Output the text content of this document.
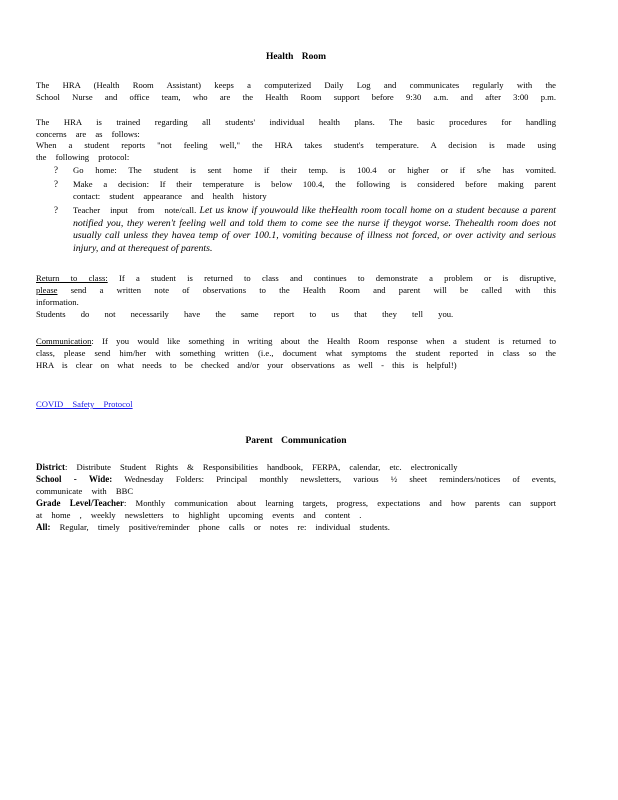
Health Room
The HRA (Health Room Assistant) keeps a computerized Daily Log and communicates regularly with the
School Nurse and office team, who are the Health Room support before 9:30 a.m. and after 3:00 p.m.
The HRA is trained regarding all students' individual health plans. The basic procedures for handling
concerns are as follows:
When a student reports "not feeling well," the HRA takes student's temperature. A decision is made using
the following protocol:
? Go home: The student is sent home if their temp. is 100.4 or higher or if s/he has vomited.
? Make a decision: If their temperature is below 100.4, the following is considered before making parent contact: student appearance and health history
? Teacher input from note/call. Let us know if youwould like theHealth room tocall home on a student because a parent notified you, they weren't feeling well and told them to come see the nurse if theygot worse. Thehealth room does not usually call unless they havea temp of over 100.1, vomiting because of illness not forced, or over activity and serious injury, and at therequest of parents.
Return to class: If a student is returned to class and continues to demonstrate a problem or is disruptive,
please send a written note of observations to the Health Room and parent will be called with this
information.
Students do not necessarily have the same report to us that they tell you.
Communication: If you would like something in writing about the Health Room response when a student is returned to class, please send him/her with something written (i.e., document what symptoms the student reported in class so the HRA is clear on what needs to be checked and/or your observations as well - this is helpful!)
COVID Safety Protocol
Parent Communication
District: Distribute Student Rights & Responsibilities handbook, FERPA, calendar, etc. electronically
School - Wide: Wednesday Folders: Principal monthly newsletters, various ½ sheet reminders/notices of events, communicate with BBC
Grade Level/Teacher: Monthly communication about learning targets, progress, expectations and how parents can support at home , weekly newsletters to highlight upcoming events and content .
All: Regular, timely positive/reminder phone calls or notes re: individual students.
